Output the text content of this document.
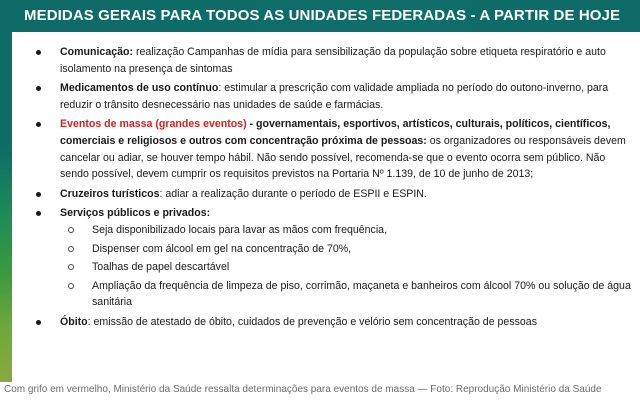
MEDIDAS GERAIS PARA TODOS AS UNIDADES FEDERADAS - A PARTIR DE HOJE
Comunicação: realização Campanhas de mídia para sensibilização da população sobre etiqueta respiratório e auto isolamento na presença de sintomas
Medicamentos de uso contínuo: estimular a prescrição com validade ampliada no período do outono-inverno, para reduzir o trânsito desnecessário nas unidades de saúde e farmácias.
Eventos de massa (grandes eventos) - governamentais, esportivos, artísticos, culturais, políticos, científicos, comerciais e religiosos e outros com concentração próxima de pessoas: os organizadores ou responsáveis devem cancelar ou adiar, se houver tempo hábil. Não sendo possível, recomenda-se que o evento ocorra sem público. Não sendo possível, devem cumprir os requisitos previstos na Portaria Nº 1.139, de 10 de junho de 2013;
Cruzeiros turísticos: adiar a realização durante o período de ESPII e ESPIN.
Serviços públicos e privados:
Seja disponibilizado locais para lavar as mãos com frequência,
Dispenser com álcool em gel na concentração de 70%,
Toalhas de papel descartável
Ampliação da frequência de limpeza de piso, corrimão, maçaneta e banheiros com álcool 70% ou solução de água sanitária
Óbito: emissão de atestado de óbito, cuidados de prevenção e velório sem concentração de pessoas
Com grifo em vermelho, Ministério da Saúde ressalta determinações para eventos de massa — Foto: Reprodução Ministério da Saúde
